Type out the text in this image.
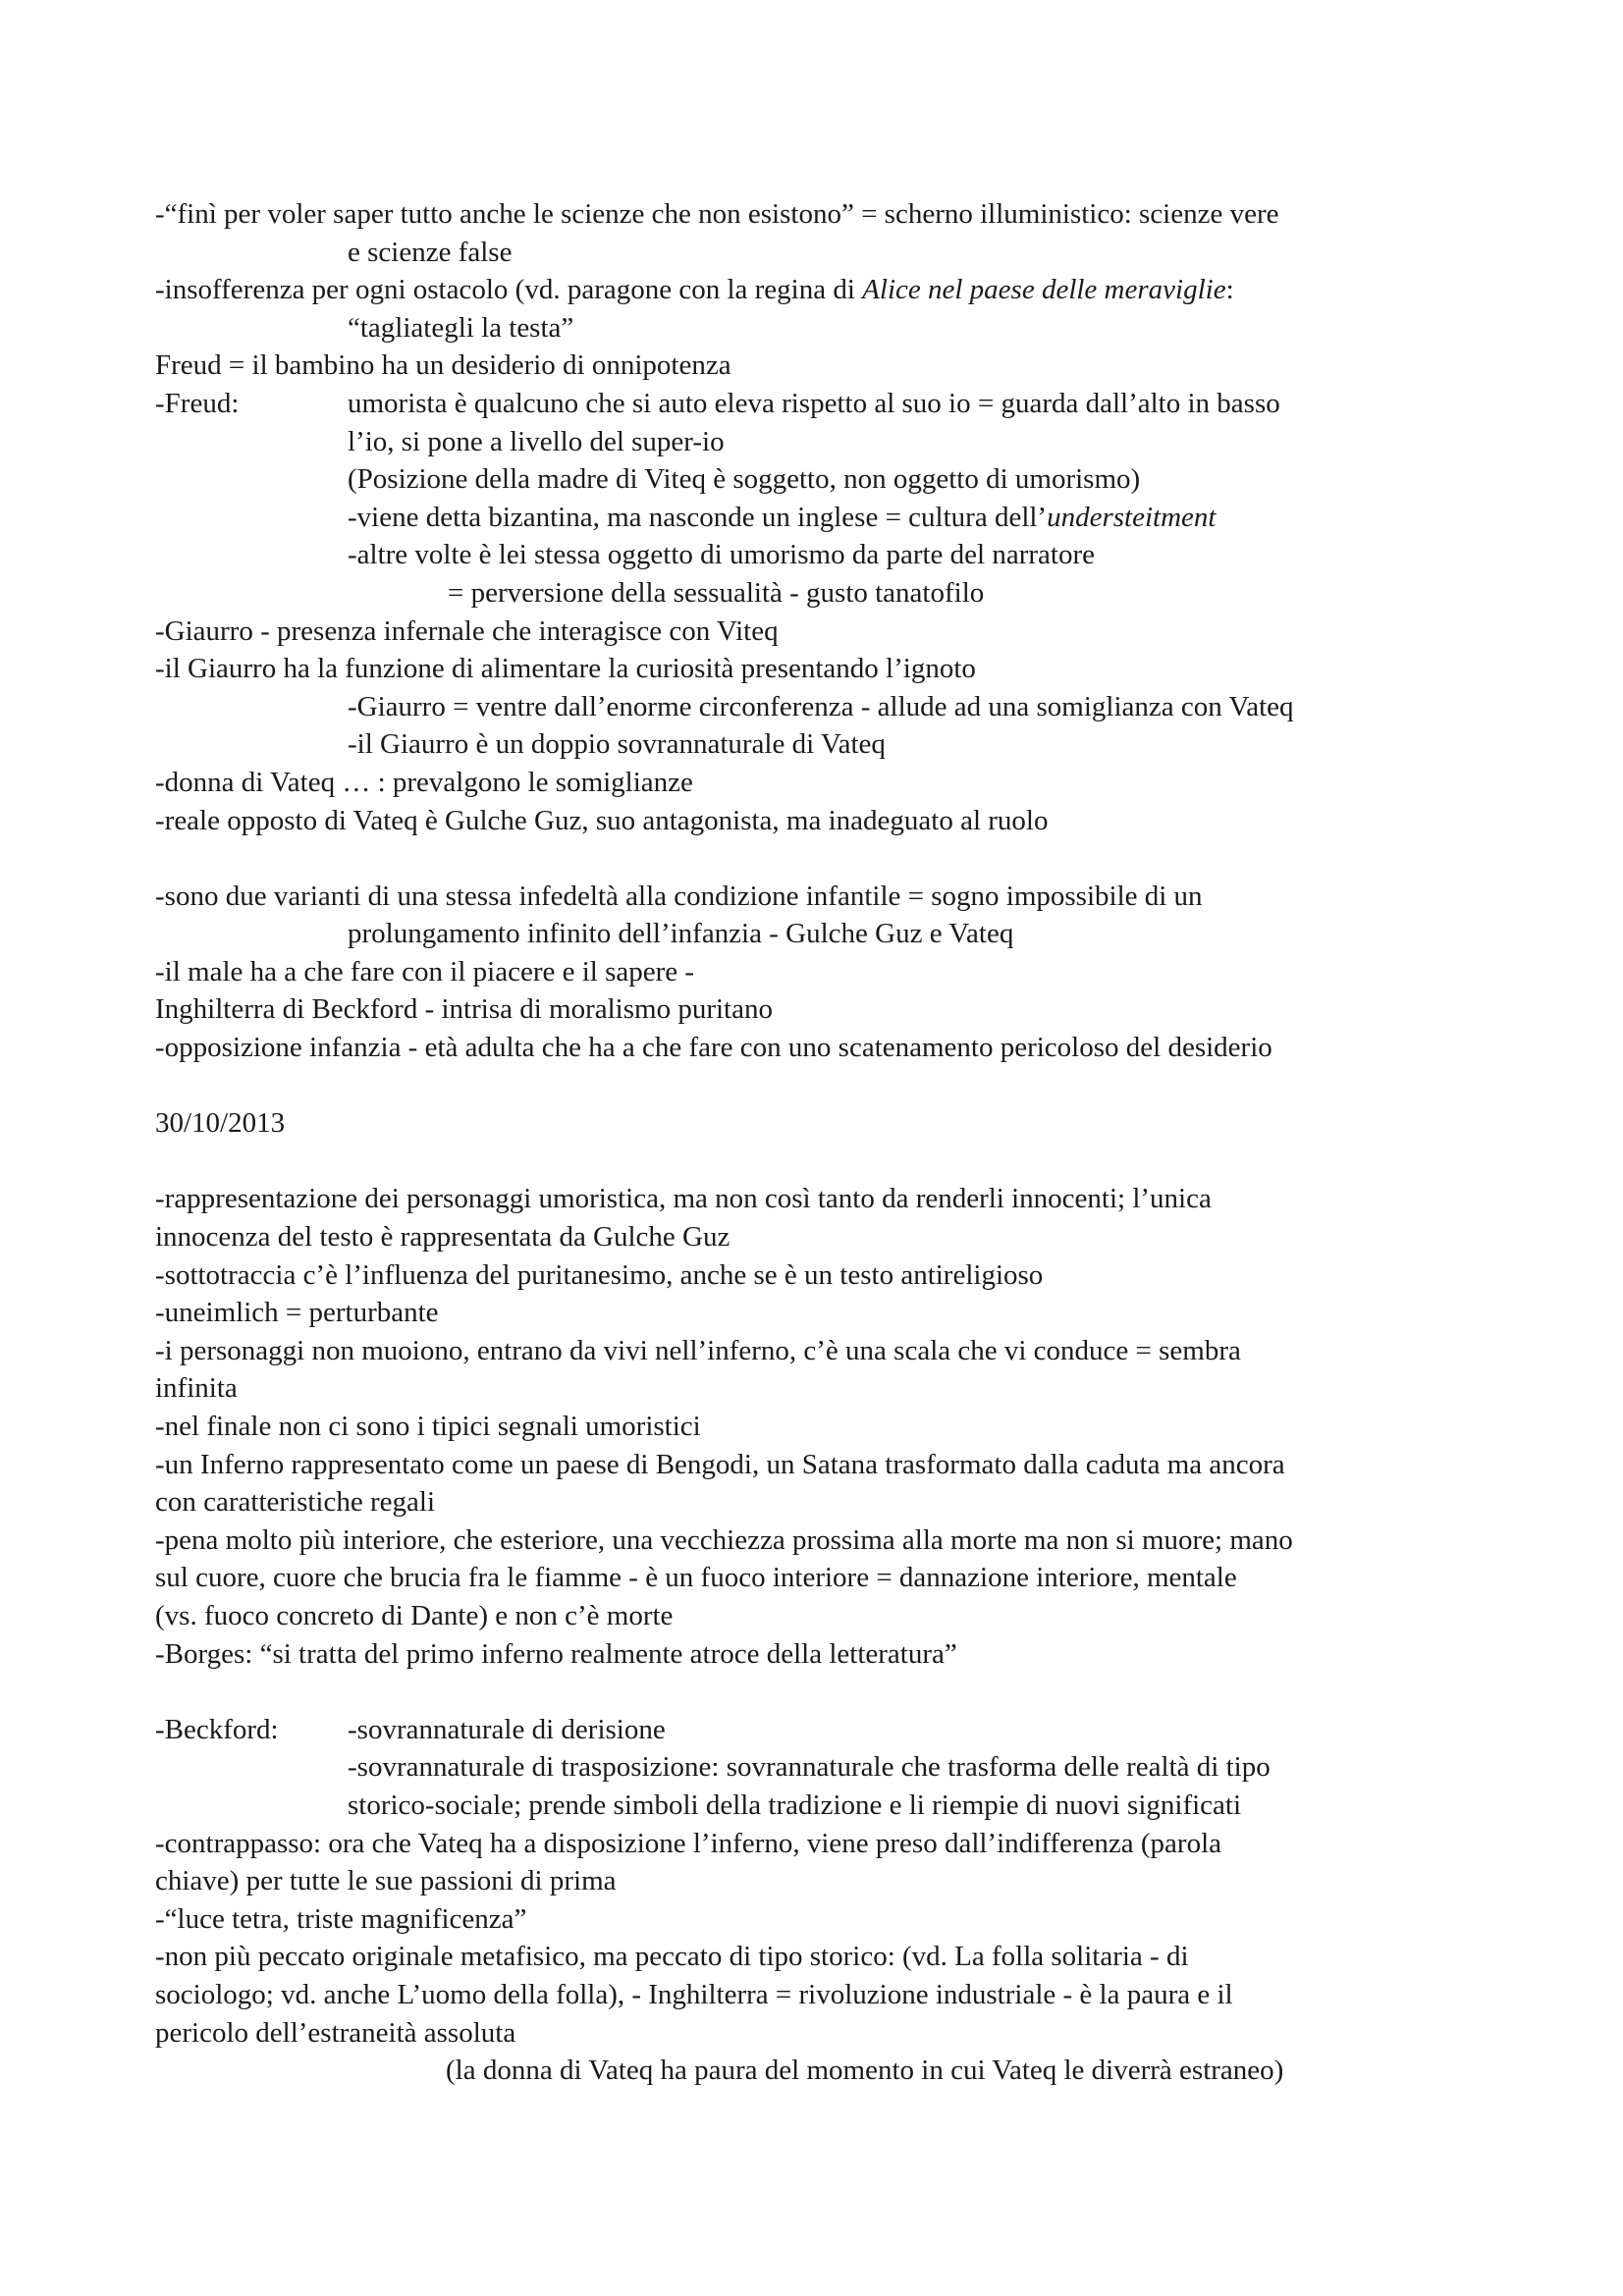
-“finì per voler saper tutto anche le scienze che non esistono” = scherno illuministico: scienze vere
e scienze false
-insofferenza per ogni ostacolo (vd. paragone con la regina di Alice nel paese delle meraviglie:
“tagliategli la testa”
Freud = il bambino ha un desiderio di onnipotenza
-Freud:	umorista è qualcuno che si auto eleva rispetto al suo io = guarda dall’alto in basso
l’io, si pone a livello del super-io
(Posizione della madre di Viteq è soggetto, non oggetto di umorismo)
-viene detta bizantina, ma nasconde un inglese = cultura dell’understeitment
-altre volte è lei stessa oggetto di umorismo da parte del narratore
= perversione della sessualità - gusto tanatofilo
-Giaurro - presenza infernale che interagisce con Viteq
-il Giaurro ha la funzione di alimentare la curiosità presentando l’ignoto
-Giaurro = ventre dall’enorme circonferenza - allude ad una somiglianza con Vateq
-il Giaurro è un doppio sovrannaturale di Vateq
-donna di Vateq … : prevalgono le somiglianze
-reale opposto di Vateq è Gulche Guz, suo antagonista, ma inadeguato al ruolo
-sono due varianti di una stessa infedeltà alla condizione infantile = sogno impossibile di un
prolungamento infinito dell’infanzia - Gulche Guz e Vateq
-il male ha a che fare con il piacere e il sapere -
Inghilterra di Beckford - intrisa di moralismo puritano
-opposizione infanzia - età adulta che ha a che fare con uno scatenamento pericoloso del desiderio
30/10/2013
-rappresentazione dei personaggi umoristica, ma non così tanto da renderli innocenti; l’unica
innocenza del testo è rappresentata da Gulche Guz
-sottotraccia c’è l’influenza del puritanesimo, anche se è un testo antireligioso
-uneimlich = perturbante
-i personaggi non muoiono, entrano da vivi nell’inferno, c’è una scala che vi conduce = sembra
infinita
-nel finale non ci sono i tipici segnali umoristici
-un Inferno rappresentato come un paese di Bengodi, un Satana trasformato dalla caduta ma ancora
con caratteristiche regali
-pena molto più interiore, che esteriore, una vecchiezza prossima alla morte ma non si muore; mano
sul cuore, cuore che brucia fra le fiamme - è un fuoco interiore = dannazione interiore, mentale
(vs. fuoco concreto di Dante) e non c’è morte
-Borges: “si tratta del primo inferno realmente atroce della letteratura”
-Beckford: -sovrannaturale di derisione
-sovrannaturale di trasposizione: sovrannaturale che trasforma delle realtà di tipo
storico-sociale; prende simboli della tradizione e li riempie di nuovi significati
-contrappasso: ora che Vateq ha a disposizione l’inferno, viene preso dall’indifferenza (parola
chiave) per tutte le sue passioni di prima
-“luce tetra, triste magnificenza”
-non più peccato originale metafisico, ma peccato di tipo storico: (vd. La folla solitaria - di
sociologo; vd. anche L’uomo della folla), - Inghilterra = rivoluzione industriale - è la paura e il
pericolo dell’estraneità assoluta
(la donna di Vateq ha paura del momento in cui Vateq le diverrà estraneo)
